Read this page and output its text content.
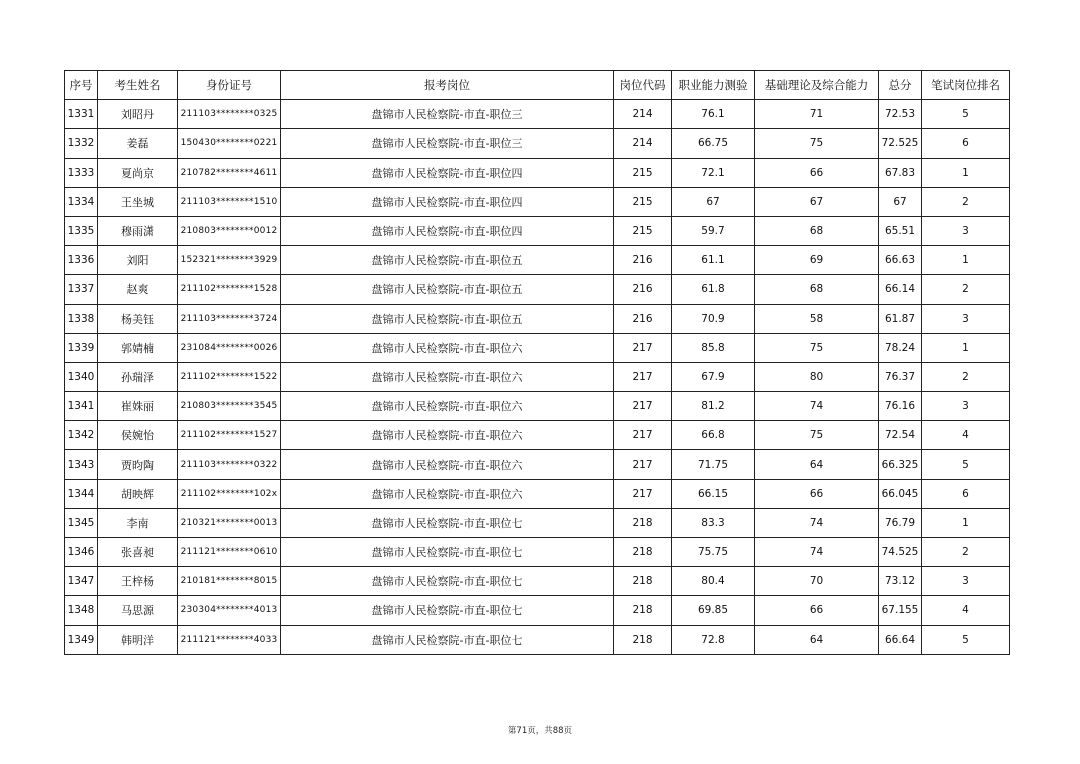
序号	考生姓名	身份证号	报考岗位	岗位代码	职业能力测验	基础理论及综合能力	总分	笔试岗位排名
1331	刘昭丹	211103********0325	盘锦市人民检察院-市直-职位三	214	76.1	71	72.53	5
1332	姜磊	150430********0221	盘锦市人民检察院-市直-职位三	214	66.75	75	72.525	6
1333	夏尚京	210782********4611	盘锦市人民检察院-市直-职位四	215	72.1	66	67.83	1
1334	王坐城	211103********1510	盘锦市人民检察院-市直-职位四	215	67	67	67	2
1335	穆雨潇	210803********0012	盘锦市人民检察院-市直-职位四	215	59.7	68	65.51	3
1336	刘阳	152321********3929	盘锦市人民检察院-市直-职位五	216	61.1	69	66.63	1
1337	赵爽	211102********1528	盘锦市人民检察院-市直-职位五	216	61.8	68	66.14	2
1338	杨美钰	211103********3724	盘锦市人民检察院-市直-职位五	216	70.9	58	61.87	3
1339	郭婧楠	231084********0026	盘锦市人民检察院-市直-职位六	217	85.8	75	78.24	1
1340	孙瑞泽	211102********1522	盘锦市人民检察院-市直-职位六	217	67.9	80	76.37	2
1341	崔姝丽	210803********3545	盘锦市人民检察院-市直-职位六	217	81.2	74	76.16	3
1342	侯婉怡	211102********1527	盘锦市人民检察院-市直-职位六	217	66.8	75	72.54	4
1343	贾昀陶	211103********0322	盘锦市人民检察院-市直-职位六	217	71.75	64	66.325	5
1344	胡映辉	211102********102x	盘锦市人民检察院-市直-职位六	217	66.15	66	66.045	6
1345	李南	210321********0013	盘锦市人民检察院-市直-职位七	218	83.3	74	76.79	1
1346	张喜昶	211121********0610	盘锦市人民检察院-市直-职位七	218	75.75	74	74.525	2
1347	王梓杨	210181********8015	盘锦市人民检察院-市直-职位七	218	80.4	70	73.12	3
1348	马思源	230304********4013	盘锦市人民检察院-市直-职位七	218	69.85	66	67.155	4
1349	韩明洋	211121********4033	盘锦市人民检察院-市直-职位七	218	72.8	64	66.64	5
第71页，共88页
